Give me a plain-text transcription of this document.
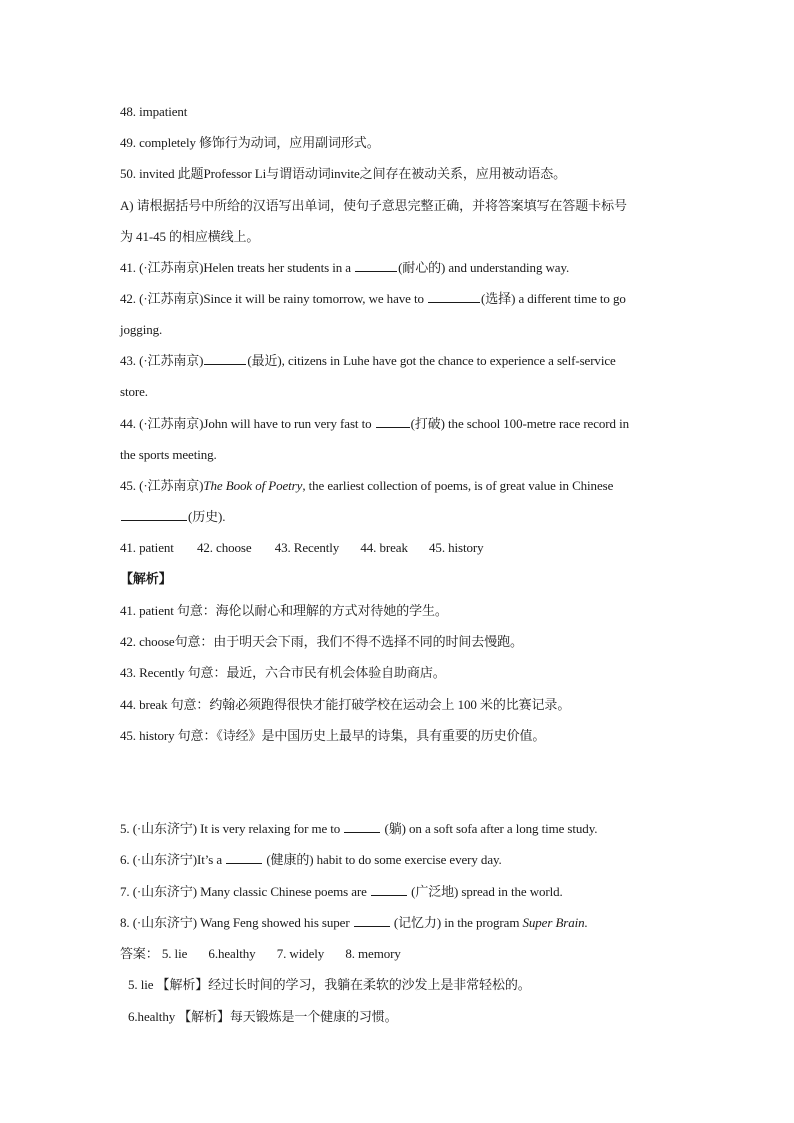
48. impatient
49. completely 修饰行为动词，应用副词形式。
50. invited 此题Professor Li与谓语动词invite之间存在被动关系，应用被动语态。
A) 请根据括号中所给的汉语写出单词，使句子意思完整正确，并将答案填写在答题卡标号
为 41-45 的相应横线上。
41. (·江苏南京)Helen treats her students in a	(耐心的) and understanding way.
42. (·江苏南京)Since it will be rainy tomorrow, we have to	(选择) a different time to go
jogging.
43. (·江苏南京)	(最近), citizens in Luhe have got the chance to experience a self-service
store.
44. (·江苏南京)John will have to run very fast to	(打破) the school 100-metre race record in
the sports meeting.
45. (·江苏南京)The Book of Poetry, the earliest collection of poems, is of great value in Chinese
(历史).
41. patient 42. choose 43. Recently 44. break 45. history
【解析】
41. patient 句意：海伦以耐心和理解的方式对待她的学生。
42. choose句意：由于明天会下雨，我们不得不选择不同的时间去慢跑。
43. Recently 句意：最近，六合市民有机会体验自助商店。
44. break 句意：约翰必须跑得很快才能打破学校在运动会上 100 米的比赛记录。
45. history 句意：《诗经》是中国历史上最早的诗集，具有重要的历史价值。
5. (·山东济宁) It is very relaxing for me to	(躺) on a soft sofa after a long time study.
6. (·山东济宁)It’s a	(健康的) habit to do some exercise every day.
7. (·山东济宁) Many classic Chinese poems are	(广泛地) spread in the world.
8. (·山东济宁) Wang Feng showed his super	(记忆力) in the program Super Brain.
答案： 5. lie 6.healthy 7. widely 8. memory
5. lie 【解析】经过长时间的学习，我躺在柔软的沙发上是非常轻松的。
6.healthy 【解析】每天锻炼是一个健康的习惯。
